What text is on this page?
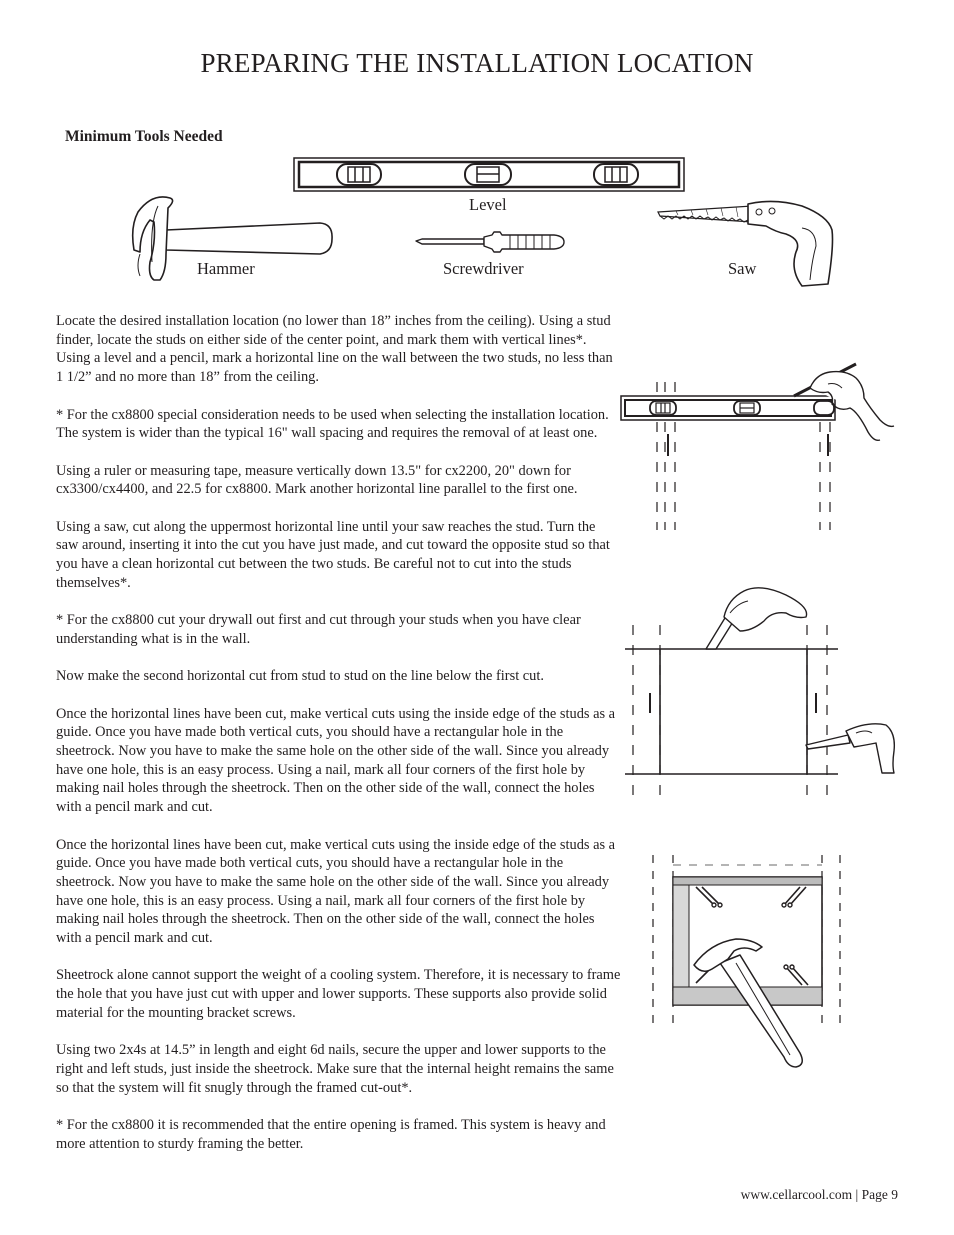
PREPARING THE INSTALLATION LOCATION
Minimum Tools Needed
Level
Hammer	Screwdriver	Saw

Locate the desired installation location (no lower than 18” inches from the ceiling). Using a stud finder, locate the studs on either side of the center point, and mark them with vertical lines*. Using a level and a pencil, mark a horizontal line on the wall between the two studs, no less than 1 1/2” and no more than 18” from the ceiling.

* For the cx8800 special consideration needs to be used when selecting the installation location. The system is wider than the typical 16" wall spacing and requires the removal of at least one.

Using a ruler or measuring tape, measure vertically down 13.5" for cx2200, 20" down for cx3300/cx4400, and 22.5 for cx8800. Mark another horizontal line parallel to the first one.

Using a saw, cut along the uppermost horizontal line until your saw reaches the stud. Turn the saw around, inserting it into the cut you have just made, and cut toward the opposite stud so that you have a clean horizontal cut between the two studs. Be careful not to cut into the studs themselves*.

* For the cx8800 cut your drywall out first and cut through your studs when you have clear understanding what is in the wall.

Now make the second horizontal cut from stud to stud on the line below the first cut.

Once the horizontal lines have been cut, make vertical cuts using the inside edge of the studs as a guide. Once you have made both vertical cuts, you should have a rectangular hole in the sheetrock. Now you have to make the same hole on the other side of the wall. Since you already have one hole, this is an easy process. Using a nail, mark all four corners of the first hole by making nail holes through the sheetrock. Then on the other side of the wall, connect the holes with a pencil mark and cut.

Once the horizontal lines have been cut, make vertical cuts using the inside edge of the studs as a guide. Once you have made both vertical cuts, you should have a rectangular hole in the sheetrock. Now you have to make the same hole on the other side of the wall. Since you already have one hole, this is an easy process. Using a nail, mark all four corners of the first hole by making nail holes through the sheetrock. Then on the other side of the wall, connect the holes with a pencil mark and cut.

Sheetrock alone cannot support the weight of a cooling system. Therefore, it is necessary to frame the hole that you have just cut with upper and lower supports. These supports also provide solid material for the mounting bracket screws.

Using two 2x4s at 14.5” in length and eight 6d nails, secure the upper and lower supports to the right and left studs, just inside the sheetrock. Make sure that the internal height remains the same so that the system will fit snugly through the framed cut-out*.

* For the cx8800 it is recommended that the entire opening is framed. This system is heavy and more attention to sturdy framing the better.

www.cellarcool.com | Page 9
